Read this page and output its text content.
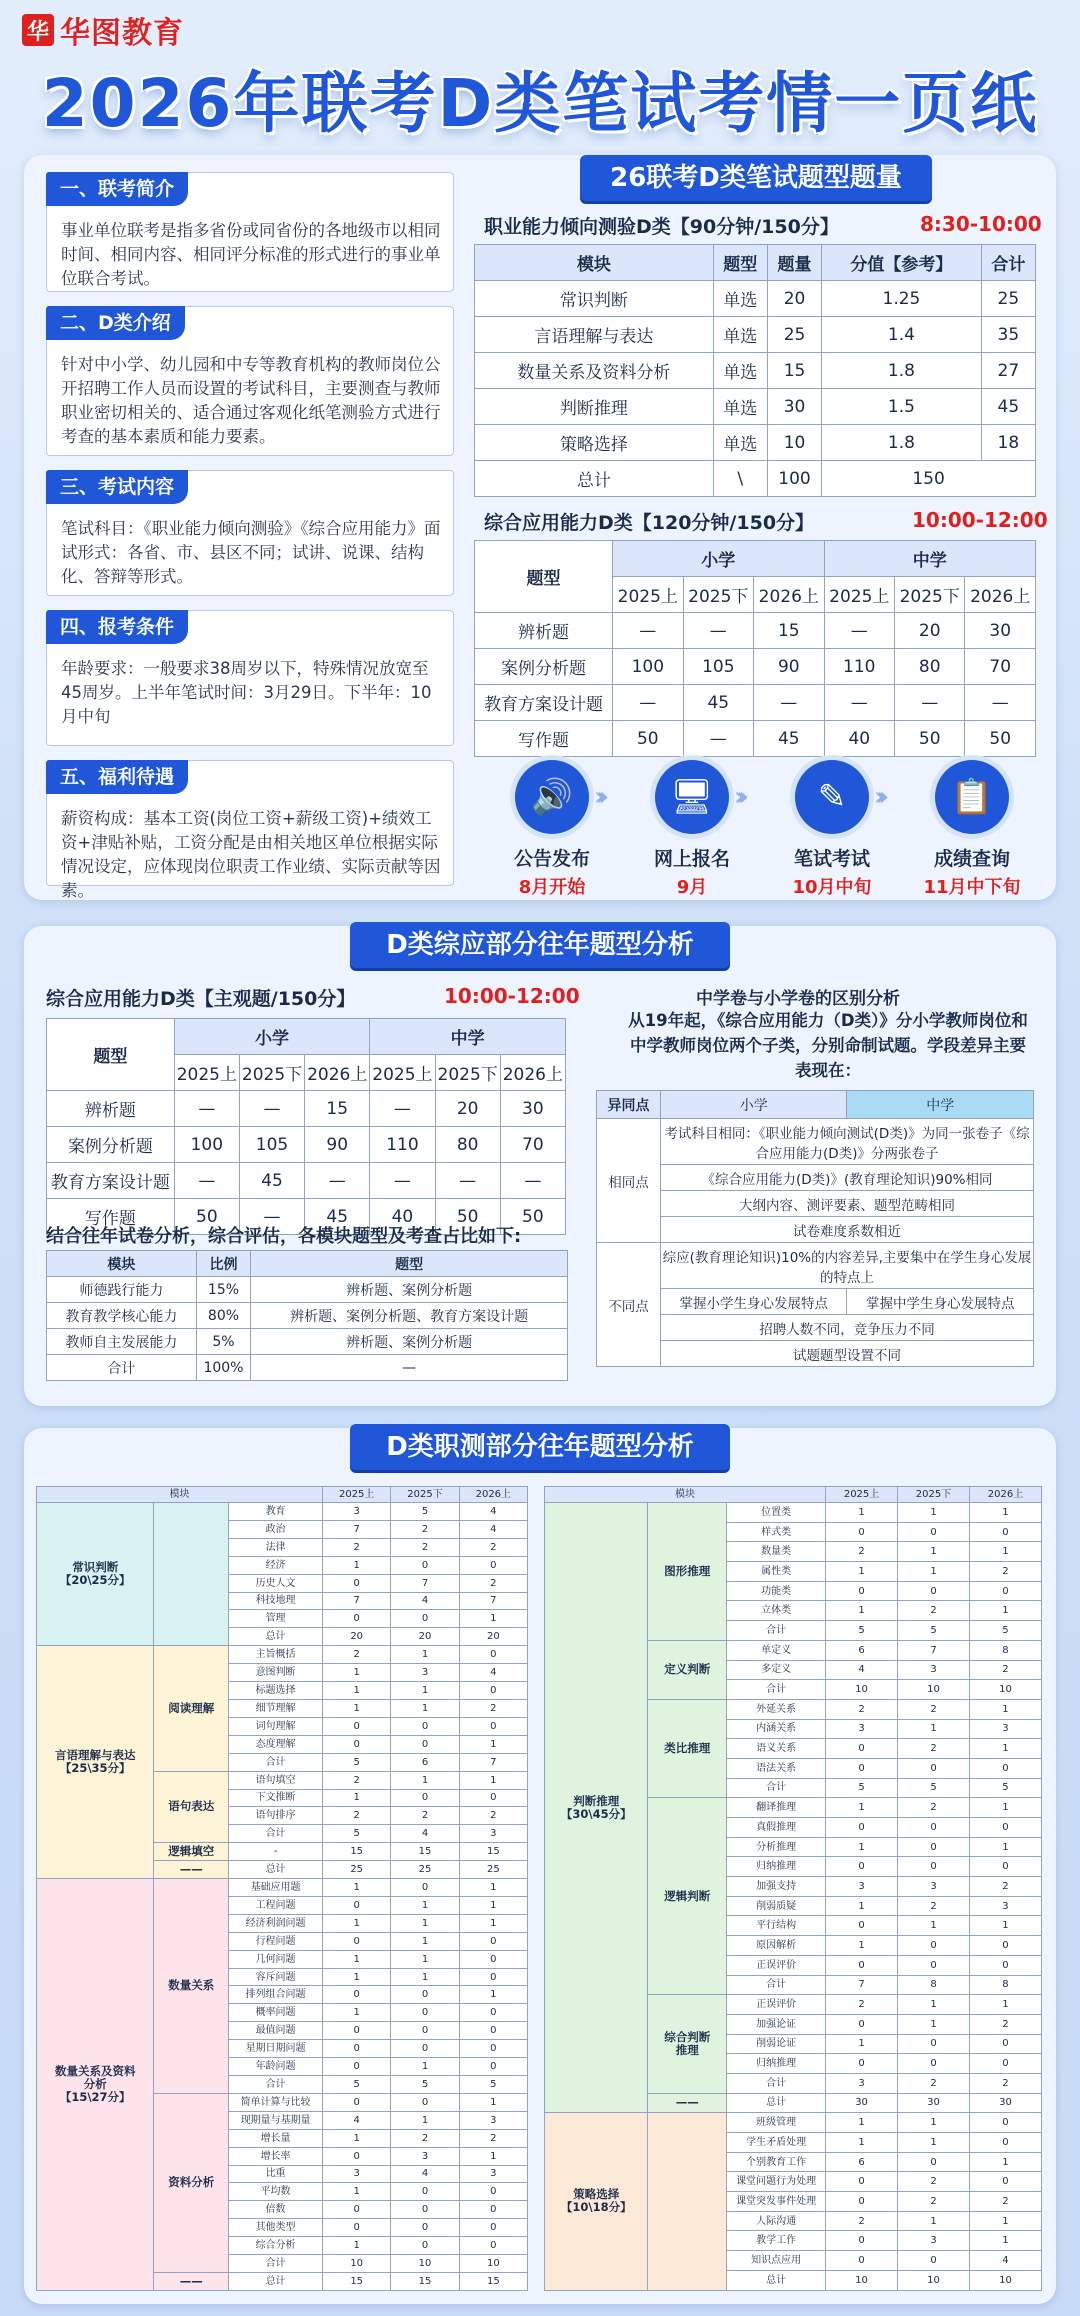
华 华图教育
2026年联考D类笔试考情一页纸
26联考D类笔试题型题量
一、联考简介
事业单位联考是指多省份或同省份的各地级市以相同时间、相同内容、相同评分标准的形式进行的事业单位联合考试。
二、D类介绍
针对中小学、幼儿园和中专等教育机构的教师岗位公开招聘工作人员而设置的考试科目，主要测查与教师职业密切相关的、适合通过客观化纸笔测验方式进行考查的基本素质和能力要素。
三、考试内容
笔试科目：《职业能力倾向测验》《综合应用能力》面试形式：各省、市、县区不同；试讲、说课、结构化、答辩等形式。
四、报考条件
年龄要求：一般要求38周岁以下，特殊情况放宽至45周岁。上半年笔试时间：3月29日。下半年：10月中旬
五、福利待遇
薪资构成：基本工资(岗位工资+薪级工资)+绩效工资+津贴补贴，工资分配是由相关地区单位根据实际情况设定，应体现岗位职责工作业绩、实际贡献等因素。
职业能力倾向测验D类【90分钟/150分】	8:30-10:00
模块	题型	题量	分值【参考】	合计
常识判断	单选	20	1.25	25
言语理解与表达	单选	25	1.4	35
数量关系及资料分析	单选	15	1.8	27
判断推理	单选	30	1.5	45
策略选择	单选	10	1.8	18
总计	\	100	150	
综合应用能力D类【120分钟/150分】	10:00-12:00
题型	小学			中学		
	2025上	2025下	2026上	2025上	2025下	2026上
辨析题	—	—	15	—	20	30
案例分析题	100	105	90	110	80	70
教育方案设计题	—	45	—	—	—	—
写作题	50	—	45	40	50	50
🔊
公告发布
8月开始
›››	🖥
网上报名
9月
›››	✎
笔试考试
10月中旬
›››	📋
成绩查询
11月中下旬
D类综应部分往年题型分析
综合应用能力D类【主观题/150分】	10:00-12:00
题型	小学			中学		
	2025上	2025下	2026上	2025上	2025下	2026上
辨析题	—	—	15	—	20	30
案例分析题	100	105	90	110	80	70
教育方案设计题	—	45	—	—	—	—
写作题	50	—	45	40	50	50
结合往年试卷分析，综合评估，各模块题型及考查占比如下:
模块	比例	题型
师德践行能力	15%	辨析题、案例分析题
教育教学核心能力	80%	辨析题、案例分析题、教育方案设计题
教师自主发展能力	5%	辨析题、案例分析题
合计	100%	—
中学卷与小学卷的区别分析
从19年起，《综合应用能力（D类）》分小学教师岗位和中学教师岗位两个子类，分别命制试题。学段差异主要表现在：
异同点	小学	中学
相同点	考试科目相同：《职业能力倾向测试(D类)》为同一张卷子《综合应用能力(D类)》分两张卷子	
	《综合应用能力(D类)》(教育理论知识)90%相同	
	大纲内容、测评要素、题型范畴相同	
	试卷难度系数相近	
不同点	综应(教育理论知识)10%的内容差异,主要集中在学生身心发展的特点上	
	掌握小学生身心发展特点	掌握中学生身心发展特点
	招聘人数不同，竞争压力不同	
	试题题型设置不同	
D类职测部分往年题型分析
模块			2025上	2025下	2026上
常识判断
【20\25分】		教育	3	5	4
		政治	7	2	4
		法律	2	2	2
		经济	1	0	0
		历史人文	0	7	2
		科技地理	7	4	7
		管理	0	0	1
		总计	20	20	20
言语理解与表达
【25\35分】	阅读理解	主旨概括	2	1	0
		意图判断	1	3	4
		标题选择	1	1	0
		细节理解	1	1	2
		词句理解	0	0	0
		态度理解	0	0	1
		合计	5	6	7
	语句表达	语句填空	2	1	1
		下文推断	1	0	0
		语句排序	2	2	2
		合计	5	4	3
	逻辑填空	-	15	15	15
	——	总计	25	25	25
数量关系及资料
分析
【15\27分】	数量关系	基础应用题	1	0	1
		工程问题	0	1	1
		经济利润问题	1	1	1
		行程问题	0	1	0
		几何问题	1	1	0
		容斥问题	1	1	0
		排列组合问题	0	0	1
		概率问题	1	0	0
		最值问题	0	0	0
		星期日期问题	0	0	0
		年龄问题	0	1	0
		合计	5	5	5
	资料分析	简单计算与比较	0	0	1
		现期量与基期量	4	1	3
		增长量	1	2	2
		增长率	0	3	1
		比重	3	4	3
		平均数	1	0	0
		倍数	0	0	0
		其他类型	0	0	0
		综合分析	1	0	0
		合计	10	10	10
	——	总计	15	15	15
模块			2025上	2025下	2026上
判断推理
【30\45分】	图形推理	位置类	1	1	1
		样式类	0	0	0
		数量类	2	1	1
		属性类	1	1	2
		功能类	0	0	0
		立体类	1	2	1
		合计	5	5	5
	定义判断	单定义	6	7	8
		多定义	4	3	2
		合计	10	10	10
	类比推理	外延关系	2	2	1
		内涵关系	3	1	3
		语义关系	0	2	1
		语法关系	0	0	0
		合计	5	5	5
	逻辑判断	翻译推理	1	2	1
		真假推理	0	0	0
		分析推理	1	0	1
		归纳推理	0	0	0
		加强支持	3	3	2
		削弱质疑	1	2	3
		平行结构	0	1	1
		原因解析	1	0	0
		正误评价	0	0	0
		合计	7	8	8
	综合判断
推理	正误评价	2	1	1
		加强论证	0	1	2
		削弱论证	1	0	0
		归纳推理	0	0	0
		合计	3	2	2
	——	总计	30	30	30
策略选择
【10\18分】		班级管理	1	1	0
		学生矛盾处理	1	1	0
		个别教育工作	6	0	1
		课堂问题行为处理	0	2	0
		课堂突发事件处理	0	2	2
		人际沟通	2	1	1
		教学工作	0	3	1
		知识点应用	0	0	4
		总计	10	10	10
